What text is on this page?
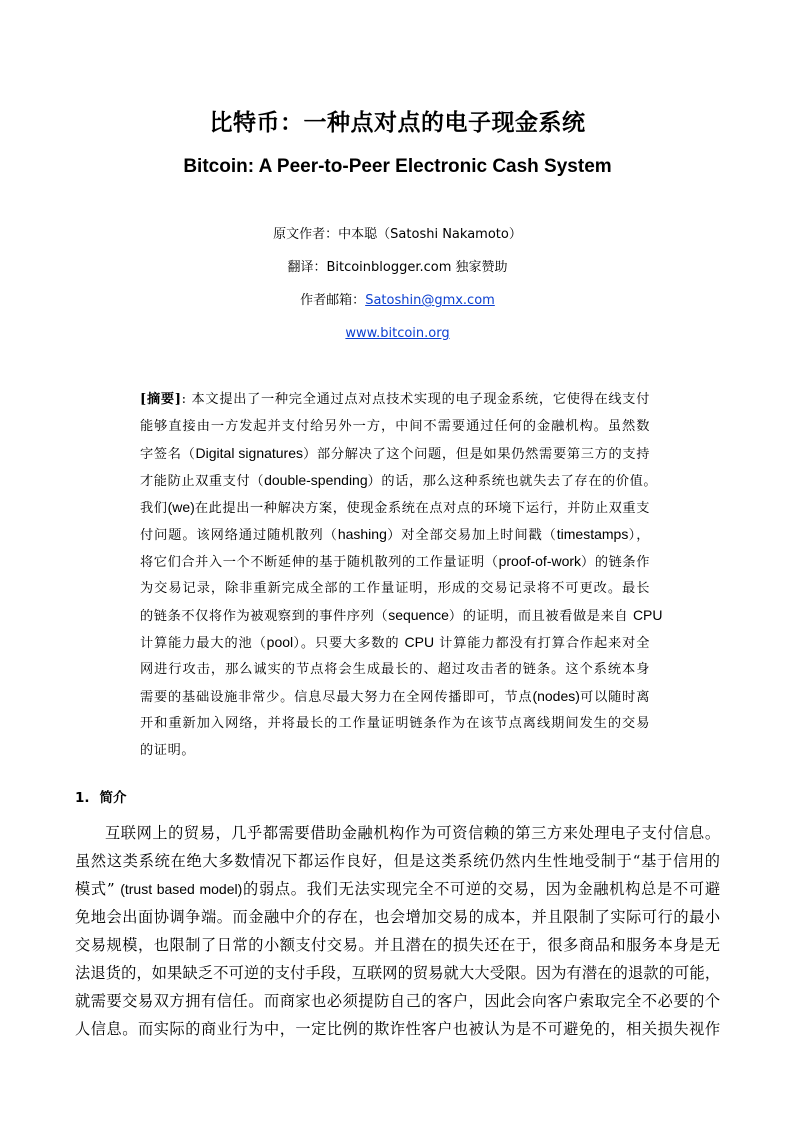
比特币：一种点对点的电子现金系统
Bitcoin: A Peer-to-Peer Electronic Cash System
原文作者：中本聪（Satoshi Nakamoto）
翻译：Bitcoinblogger.com 独家赞助
作者邮箱：Satoshin@gmx.com
www.bitcoin.org
[摘要]: 本文提出了一种完全通过点对点技术实现的电子现金系统，它使得在线支付
能够直接由一方发起并支付给另外一方，中间不需要通过任何的金融机构。虽然数
字签名（Digital signatures）部分解决了这个问题，但是如果仍然需要第三方的支持
才能防止双重支付（double-spending）的话，那么这种系统也就失去了存在的价值。
我们(we)在此提出一种解决方案，使现金系统在点对点的环境下运行，并防止双重支
付问题。该网络通过随机散列（hashing）对全部交易加上时间戳（timestamps），
将它们合并入一个不断延伸的基于随机散列的工作量证明（proof-of-work）的链条作
为交易记录，除非重新完成全部的工作量证明，形成的交易记录将不可更改。最长
的链条不仅将作为被观察到的事件序列（sequence）的证明，而且被看做是来自 CPU
计算能力最大的池（pool）。只要大多数的 CPU 计算能力都没有打算合作起来对全
网进行攻击，那么诚实的节点将会生成最长的、超过攻击者的链条。这个系统本身
需要的基础设施非常少。信息尽最大努力在全网传播即可，节点(nodes)可以随时离
开和重新加入网络，并将最长的工作量证明链条作为在该节点离线期间发生的交易
的证明。
1. 简介
互联网上的贸易，几乎都需要借助金融机构作为可资信赖的第三方来处理电子支付信息。
虽然这类系统在绝大多数情况下都运作良好，但是这类系统仍然内生性地受制于“基于信用的
模式” (trust based model)的弱点。我们无法实现完全不可逆的交易，因为金融机构总是不可避
免地会出面协调争端。而金融中介的存在，也会增加交易的成本，并且限制了实际可行的最小
交易规模，也限制了日常的小额支付交易。并且潜在的损失还在于，很多商品和服务本身是无
法退货的，如果缺乏不可逆的支付手段，互联网的贸易就大大受限。因为有潜在的退款的可能，
就需要交易双方拥有信任。而商家也必须提防自己的客户，因此会向客户索取完全不必要的个
人信息。而实际的商业行为中，一定比例的欺诈性客户也被认为是不可避免的，相关损失视作
